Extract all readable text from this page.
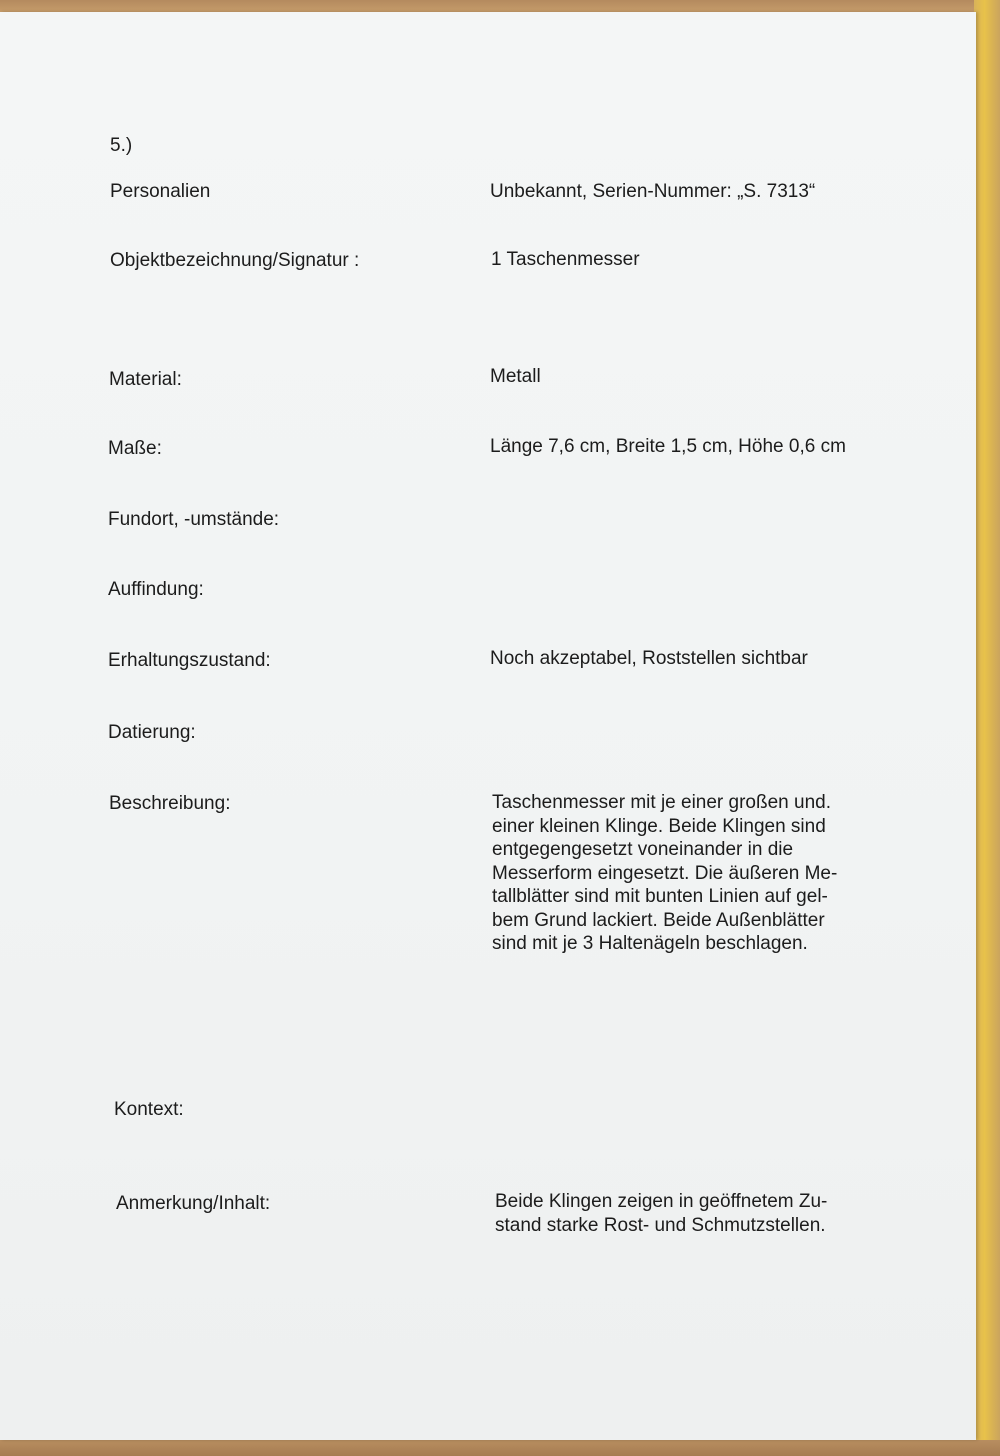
5.)
Personalien	Unbekannt, Serien-Nummer: „S. 7313“
Objektbezeichnung/Signatur :	1 Taschenmesser
Material:	Metall
Maße:	Länge 7,6 cm, Breite 1,5 cm, Höhe 0,6 cm
Fundort, -umstände:
Auffindung:
Erhaltungszustand:	Noch akzeptabel, Roststellen sichtbar
Datierung:
Beschreibung:	Taschenmesser mit je einer großen und.
einer kleinen Klinge. Beide Klingen sind
entgegengesetzt voneinander in die
Messerform eingesetzt. Die äußeren Me-
tallblätter sind mit bunten Linien auf gel-
bem Grund lackiert. Beide Außenblätter
sind mit je 3 Haltenägeln beschlagen.
Kontext:
Anmerkung/Inhalt:	Beide Klingen zeigen in geöffnetem Zu-
stand starke Rost- und Schmutzstellen.
